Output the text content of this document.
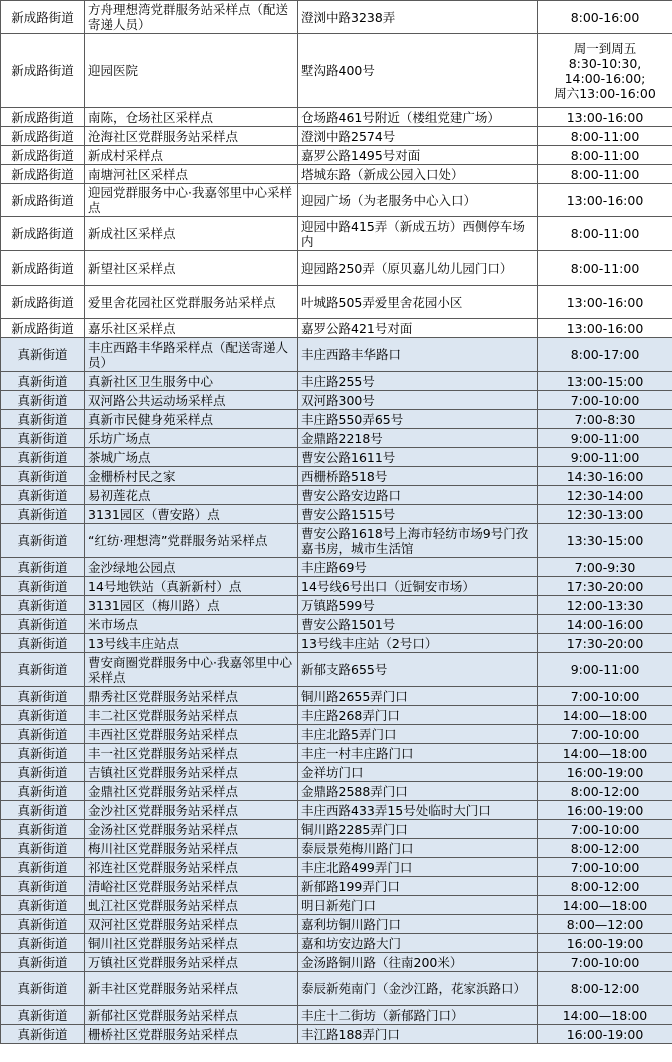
新成路街道	方舟理想湾党群服务站采样点（配送寄递人员）	澄浏中路3238弄	8:00-16:00
新成路街道	迎园医院	墅沟路400号	周一到周五
8:30-10:30,
14:00-16:00;
周六13:00-16:00
新成路街道	南陈，仓场社区采样点	仓场路461号附近（楼组党建广场）	13:00-16:00
新成路街道	沧海社区党群服务站采样点	澄浏中路2574号	8:00-11:00
新成路街道	新成村采样点	嘉罗公路1495号对面	8:00-11:00
新成路街道	南塘河社区采样点	塔城东路（新成公园入口处）	8:00-11:00
新成路街道	迎园党群服务中心·我嘉邻里中心采样点	迎园广场（为老服务中心入口）	13:00-16:00
新成路街道	新成社区采样点	迎园中路415弄（新成五坊）西侧停车场内	8:00-11:00
新成路街道	新望社区采样点	迎园路250弄（原贝嘉儿幼儿园门口）	8:00-11:00
新成路街道	爱里舍花园社区党群服务站采样点	叶城路505弄爱里舍花园小区	13:00-16:00
新成路街道	嘉乐社区采样点	嘉罗公路421号对面	13:00-16:00
真新街道	丰庄西路丰华路采样点（配送寄递人员）	丰庄西路丰华路口	8:00-17:00
真新街道	真新社区卫生服务中心	丰庄路255号	13:00-15:00
真新街道	双河路公共运动场采样点	双河路300号	7:00-10:00
真新街道	真新市民健身苑采样点	丰庄路550弄65号	7:00-8:30
真新街道	乐坊广场点	金鼎路2218号	9:00-11:00
真新街道	茶城广场点	曹安公路1611号	9:00-11:00
真新街道	金栅桥村民之家	西栅桥路518号	14:30-16:00
真新街道	易初莲花点	曹安公路安边路口	12:30-14:00
真新街道	3131园区（曹安路）点	曹安公路1515号	12:30-13:00
真新街道	“红纺·理想湾”党群服务站采样点	曹安公路1618号上海市轻纺市场9号门孜嘉书房，城市生活馆	13:30-15:00
真新街道	金沙绿地公园点	丰庄路69号	7:00-9:30
真新街道	14号地铁站（真新新村）点	14号线6号出口（近铜安市场）	17:30-20:00
真新街道	3131园区（梅川路）点	万镇路599号	12:00-13:30
真新街道	米市场点	曹安公路1501号	14:00-16:00
真新街道	13号线丰庄站点	13号线丰庄站（2号口）	17:30-20:00
真新街道	曹安商圈党群服务中心·我嘉邻里中心采样点	新郁支路655号	9:00-11:00
真新街道	鼎秀社区党群服务站采样点	铜川路2655弄门口	7:00-10:00
真新街道	丰二社区党群服务站采样点	丰庄路268弄门口	14:00—18:00
真新街道	丰西社区党群服务站采样点	丰庄北路5弄门口	7:00-10:00
真新街道	丰一社区党群服务站采样点	丰庄一村丰庄路门口	14:00—18:00
真新街道	吉镇社区党群服务站采样点	金祥坊门口	16:00-19:00
真新街道	金鼎社区党群服务站采样点	金鼎路2588弄门口	8:00-12:00
真新街道	金沙社区党群服务站采样点	丰庄西路433弄15号处临时大门口	16:00-19:00
真新街道	金汤社区党群服务站采样点	铜川路2285弄门口	7:00-10:00
真新街道	梅川社区党群服务站采样点	泰辰景苑梅川路门口	8:00-12:00
真新街道	祁连社区党群服务站采样点	丰庄北路499弄门口	7:00-10:00
真新街道	清峪社区党群服务站采样点	新郁路199弄门口	8:00-12:00
真新街道	虬江社区党群服务站采样点	明日新苑门口	14:00—18:00
真新街道	双河社区党群服务站采样点	嘉利坊铜川路门口	8:00—12:00
真新街道	铜川社区党群服务站采样点	嘉和坊安边路大门	16:00-19:00
真新街道	万镇社区党群服务站采样点	金汤路铜川路（往南200米）	7:00-10:00
真新街道	新丰社区党群服务站采样点	泰辰新苑南门（金沙江路，花家浜路口）	8:00-12:00
真新街道	新郁社区党群服务站采样点	丰庄十二街坊（新郁路门口）	14:00—18:00
真新街道	栅桥社区党群服务站采样点	丰江路188弄门口	16:00-19:00
